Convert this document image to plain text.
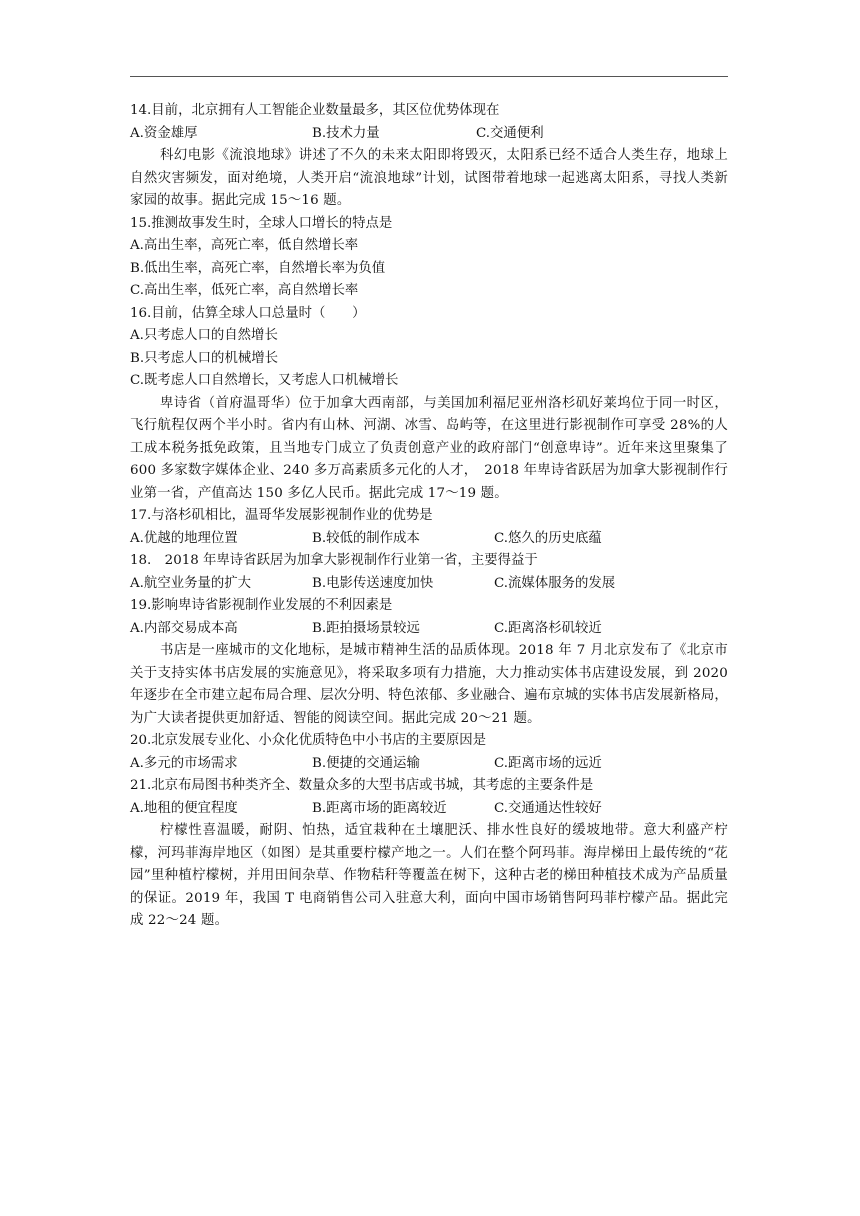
14.目前，北京拥有人工智能企业数量最多，其区位优势体现在
A.资金雄厚	B.技术力量	C.交通便利
科幻电影《流浪地球》讲述了不久的未来太阳即将毁灭，太阳系已经不适合人类生存，地球上自然灾害频发，面对绝境，人类开启“流浪地球”计划，试图带着地球一起逃离太阳系，寻找人类新家园的故事。据此完成 15～16 题。
15.推测故事发生时，全球人口增长的特点是
A.高出生率，高死亡率，低自然增长率
B.低出生率，高死亡率，自然增长率为负值
C.高出生率，低死亡率，高自然增长率
16.目前，估算全球人口总量时（　　）
A.只考虑人口的自然增长
B.只考虑人口的机械增长
C.既考虑人口自然增长，又考虑人口机械增长
卑诗省（首府温哥华）位于加拿大西南部，与美国加利福尼亚州洛杉矶好莱坞位于同一时区，飞行航程仅两个半小时。省内有山林、河湖、冰雪、岛屿等，在这里进行影视制作可享受 28%的人工成本税务抵免政策，且当地专门成立了负责创意产业的政府部门“创意卑诗”。近年来这里聚集了 600 多家数字媒体企业、240 多万高素质多元化的人才，　2018 年卑诗省跃居为加拿大影视制作行业第一省，产值高达 150 多亿人民币。据此完成 17～19 题。
17.与洛杉矶相比，温哥华发展影视制作业的优势是
A.优越的地理位置	B.较低的制作成本	C.悠久的历史底蕴
18.　2018 年卑诗省跃居为加拿大影视制作行业第一省，主要得益于
A.航空业务量的扩大	B.电影传送速度加快	C.流媒体服务的发展
19.影响卑诗省影视制作业发展的不利因素是
A.内部交易成本高	B.距拍摄场景较远	C.距离洛杉矶较近
书店是一座城市的文化地标，是城市精神生活的品质体现。2018 年 7 月北京发布了《北京市关于支持实体书店发展的实施意见》，将采取多项有力措施，大力推动实体书店建设发展，到 2020 年逐步在全市建立起布局合理、层次分明、特色浓郁、多业融合、遍布京城的实体书店发展新格局，为广大读者提供更加舒适、智能的阅读空间。据此完成 20～21 题。
20.北京发展专业化、小众化优质特色中小书店的主要原因是
A.多元的市场需求	B.便捷的交通运输	C.距离市场的远近
21.北京布局图书种类齐全、数量众多的大型书店或书城，其考虑的主要条件是
A.地租的便宜程度	B.距离市场的距离较近	C.交通通达性较好
柠檬性喜温暖，耐阴、怕热，适宜栽种在土壤肥沃、排水性良好的缓坡地带。意大利盛产柠檬，河玛菲海岸地区（如图）是其重要柠檬产地之一。人们在整个阿玛菲。海岸梯田上最传统的“花园”里种植柠檬树，并用田间杂草、作物秸秆等覆盖在树下，这种古老的梯田种植技术成为产品质量的保证。2019 年，我国 T 电商销售公司入驻意大利，面向中国市场销售阿玛菲柠檬产品。据此完成 22～24 题。
